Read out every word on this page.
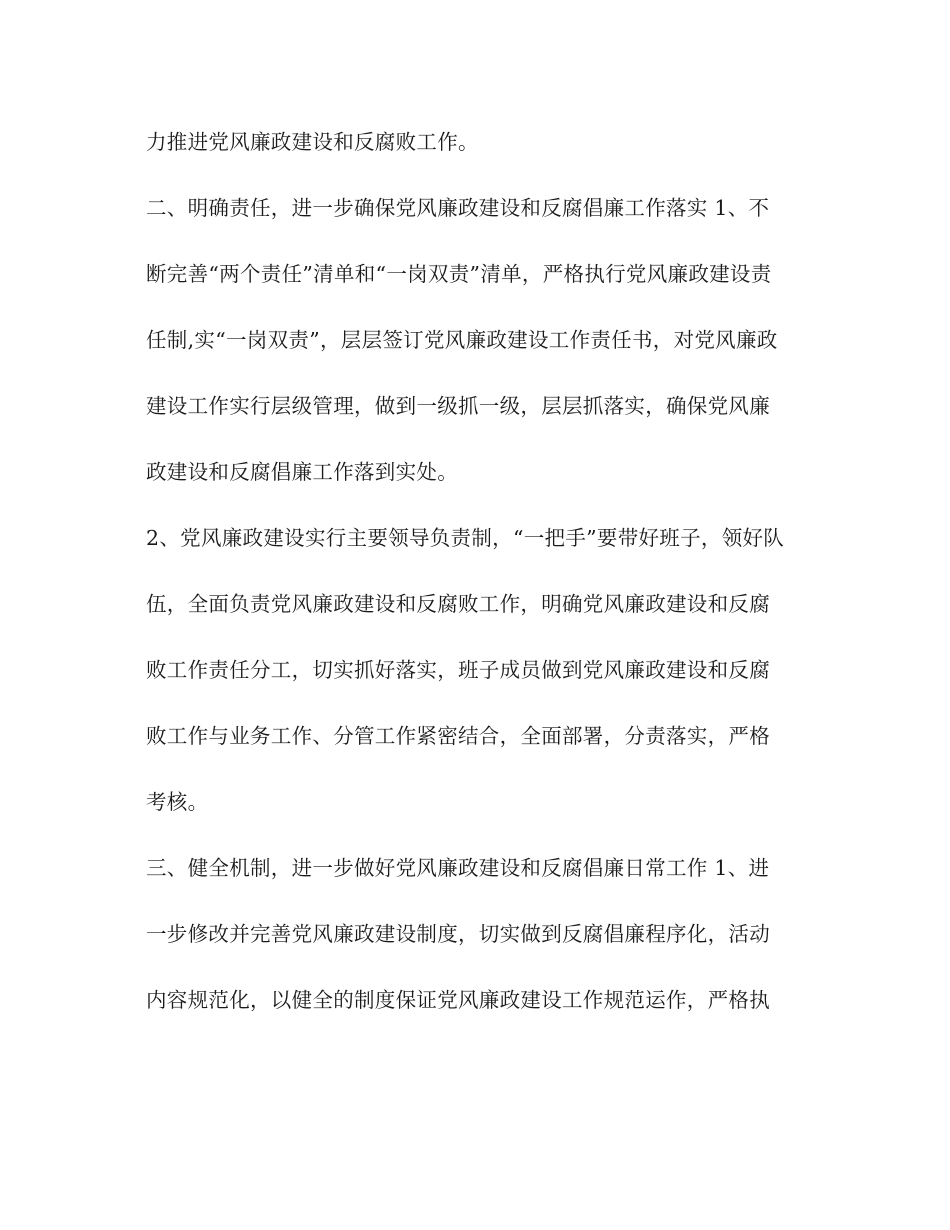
力推进党风廉政建设和反腐败工作。
二、明确责任，进一步确保党风廉政建设和反腐倡廉工作落实 1、不
断完善“两个责任”清单和“一岗双责”清单，严格执行党风廉政建设责
任制,实“一岗双责”，层层签订党风廉政建设工作责任书，对党风廉政
建设工作实行层级管理，做到一级抓一级，层层抓落实，确保党风廉
政建设和反腐倡廉工作落到实处。
2、党风廉政建设实行主要领导负责制，“一把手”要带好班子，领好队
伍，全面负责党风廉政建设和反腐败工作，明确党风廉政建设和反腐
败工作责任分工，切实抓好落实，班子成员做到党风廉政建设和反腐
败工作与业务工作、分管工作紧密结合，全面部署，分责落实，严格
考核。
三、健全机制，进一步做好党风廉政建设和反腐倡廉日常工作 1、进
一步修改并完善党风廉政建设制度，切实做到反腐倡廉程序化，活动
内容规范化，以健全的制度保证党风廉政建设工作规范运作，严格执
